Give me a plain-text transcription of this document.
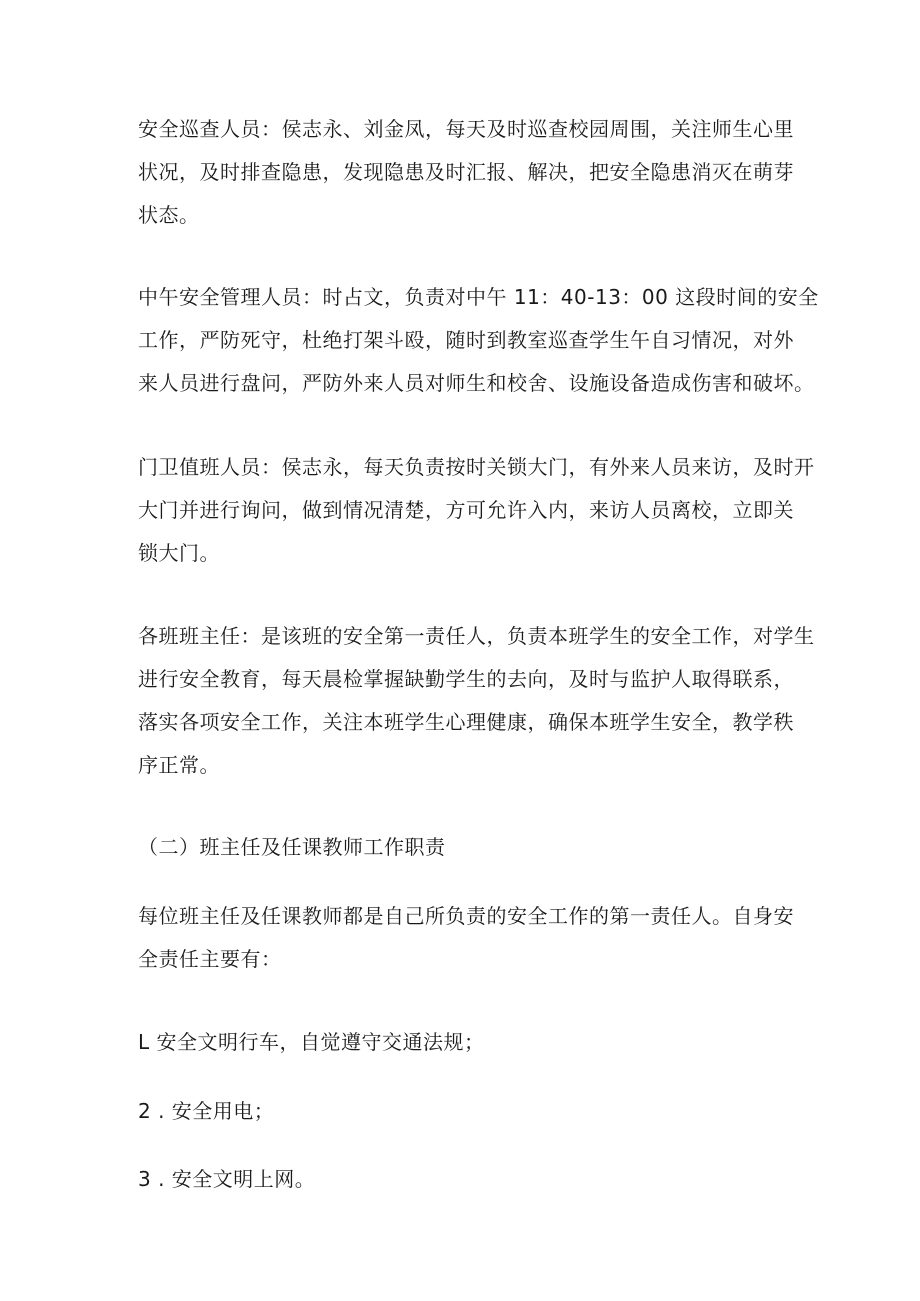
安全巡查人员：侯志永、刘金凤，每天及时巡查校园周围，关注师生心里
状况，及时排查隐患，发现隐患及时汇报、解决，把安全隐患消灭在萌芽
状态。

中午安全管理人员：时占文，负责对中午 11：40-13：00 这段时间的安全
工作，严防死守，杜绝打架斗殴，随时到教室巡查学生午自习情况，对外
来人员进行盘问，严防外来人员对师生和校舍、设施设备造成伤害和破坏。

门卫值班人员：侯志永，每天负责按时关锁大门，有外来人员来访，及时开
大门并进行询问，做到情况清楚，方可允许入内，来访人员离校，立即关
锁大门。

各班班主任：是该班的安全第一责任人，负责本班学生的安全工作，对学生
进行安全教育，每天晨检掌握缺勤学生的去向，及时与监护人取得联系，
落实各项安全工作，关注本班学生心理健康，确保本班学生安全，教学秩
序正常。

（二）班主任及任课教师工作职责

每位班主任及任课教师都是自己所负责的安全工作的第一责任人。自身安
全责任主要有：

L 安全文明行车，自觉遵守交通法规；

2 . 安全用电；

3 . 安全文明上网。
